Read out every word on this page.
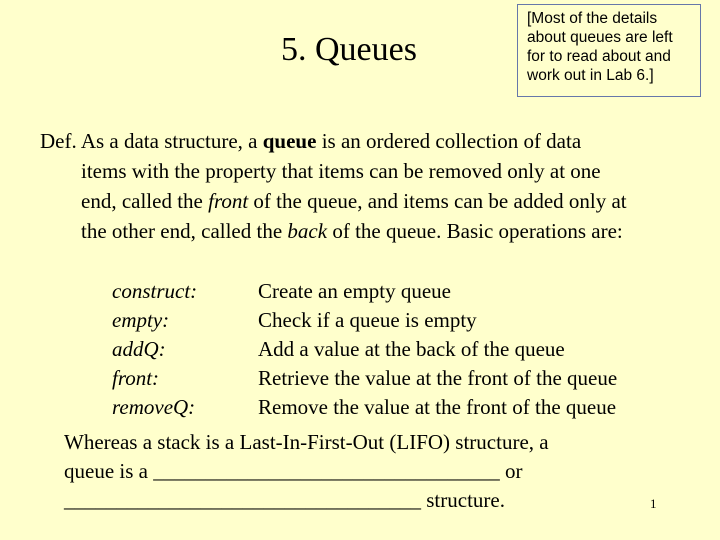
5. Queues
[Most of the details about queues are left for to read about and work out in Lab 6.]
Def. As a data structure, a queue is an ordered collection of data
items with the property that items can be removed only at one
end, called the front of the queue, and items can be added only at
the other end, called the back of the queue. Basic operations are:
construct:	Create an empty queue
empty:	Check if a queue is empty
addQ:	Add a value at the back of the queue
front:	Retrieve the value at the front of the queue
removeQ:	Remove the value at the front of the queue
Whereas a stack is a Last-In-First-Out (LIFO) structure, a
queue is a _________________________________ or
__________________________________ structure.	1
